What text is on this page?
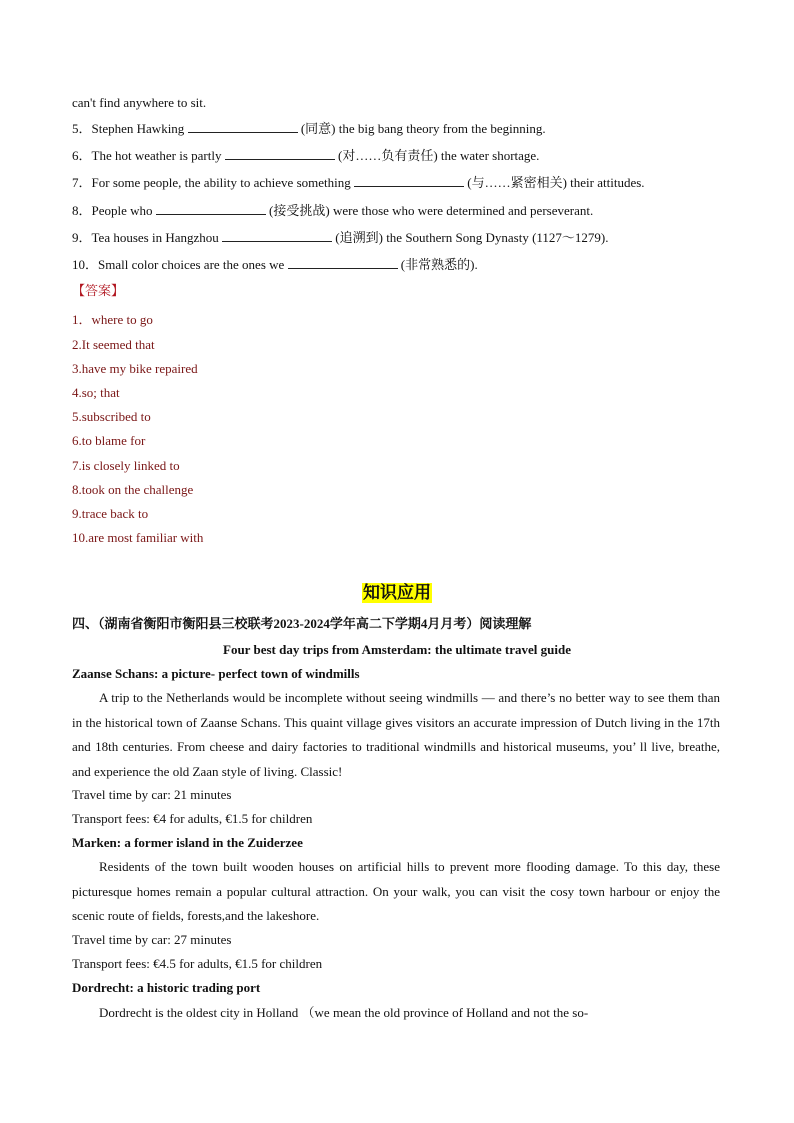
can't find anywhere to sit.
5．Stephen Hawking	(同意) the big bang theory from the beginning.
6．The hot weather is partly	(对……负有责任) the water shortage.
7．For some people, the ability to achieve something	(与……紧密相关) their attitudes.
8．People who	(接受挑战) were those who were determined and perseverant.
9．Tea houses in Hangzhou	(追溯到) the Southern Song Dynasty (1127～1279).
10．Small color choices are the ones we	(非常熟悉的).
【答案】
1．where to go
2.It seemed that
3.have my bike repaired
4.so; that
5.subscribed to
6.to blame for
7.is closely linked to
8.took on the challenge
9.trace back to
10.are most familiar with
知识应用
四、（湖南省衡阳市衡阳县三校联考2023-2024学年高二下学期4月月考）阅读理解
Four best day trips from Amsterdam: the ultimate travel guide
Zaanse Schans: a picture- perfect town of windmills
A trip to the Netherlands would be incomplete without seeing windmills — and there’s no better way to see them than in the historical town of Zaanse Schans. This quaint village gives visitors an accurate impression of Dutch living in the 17th and 18th centuries. From cheese and dairy factories to traditional windmills and historical museums, you’ ll live, breathe, and experience the old Zaan style of living. Classic!
Travel time by car: 21 minutes
Transport fees: €4 for adults, €1.5 for children
Marken: a former island in the Zuiderzee
Residents of the town built wooden houses on artificial hills to prevent more flooding damage. To this day, these picturesque homes remain a popular cultural attraction. On your walk, you can visit the cosy town harbour or enjoy the scenic route of fields, forests,and the lakeshore.
Travel time by car: 27 minutes
Transport fees: €4.5 for adults, €1.5 for children
Dordrecht: a historic trading port
Dordrecht is the oldest city in Holland （we mean the old province of Holland and not the so-
